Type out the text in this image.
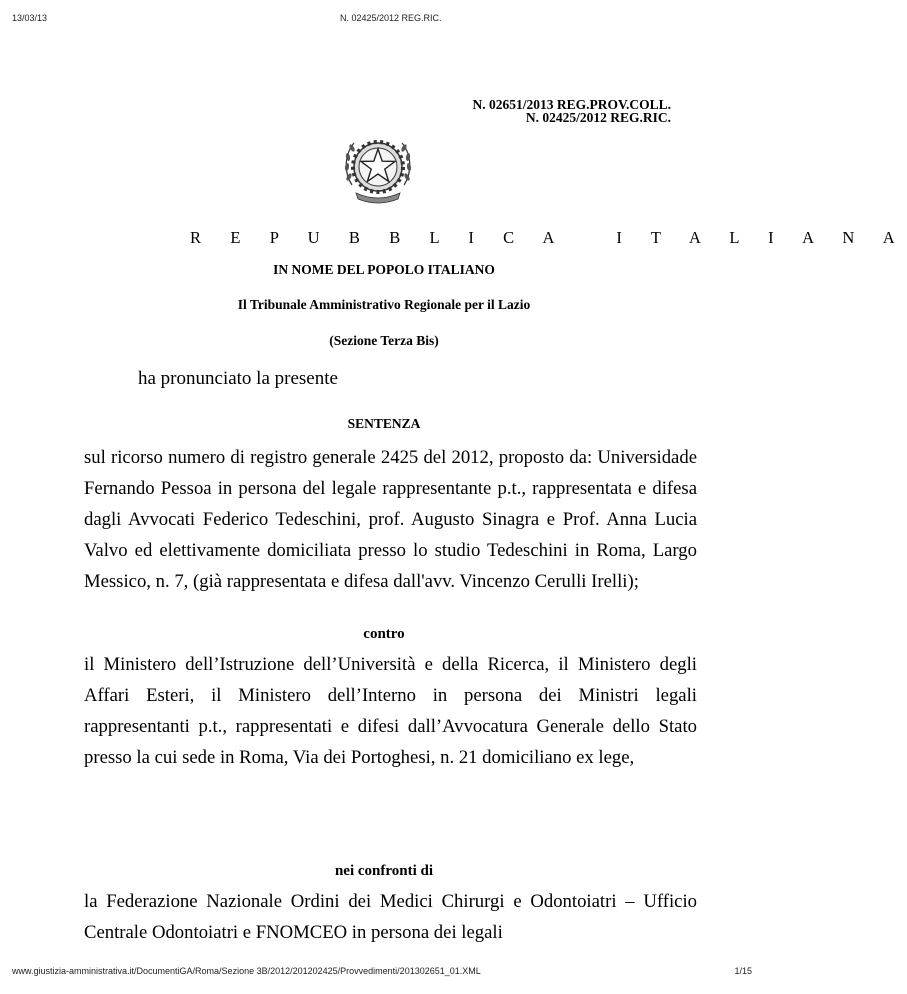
13/03/13	N. 02425/2012 REG.RIC.
N. 02651/2013 REG.PROV.COLL.
N. 02425/2012 REG.RIC.
R E P U B B L I C A   I T A L I A N A
IN NOME DEL POPOLO ITALIANO
Il Tribunale Amministrativo Regionale per il Lazio
(Sezione Terza Bis)
ha pronunciato la presente
SENTENZA
sul ricorso numero di registro generale 2425 del 2012, proposto da: Universidade Fernando Pessoa in persona del legale rappresentante p.t., rappresentata e difesa dagli Avvocati Federico Tedeschini, prof. Augusto Sinagra e Prof. Anna Lucia Valvo ed elettivamente domiciliata presso lo studio Tedeschini in Roma, Largo Messico, n. 7, (già rappresentata e difesa dall'avv. Vincenzo Cerulli Irelli);
contro
il Ministero dell’Istruzione dell’Università e della Ricerca, il Ministero degli Affari Esteri, il Ministero dell’Interno in persona dei Ministri legali rappresentanti p.t., rappresentati e difesi dall’Avvocatura Generale dello Stato presso la cui sede in Roma, Via dei Portoghesi, n. 21 domiciliano ex lege,
nei confronti di
la Federazione Nazionale Ordini dei Medici Chirurgi e Odontoiatri – Ufficio Centrale Odontoiatri e FNOMCEO in persona dei legali
www.giustizia-amministrativa.it/DocumentiGA/Roma/Sezione 3B/2012/201202425/Provvedimenti/201302651_01.XML	1/15
